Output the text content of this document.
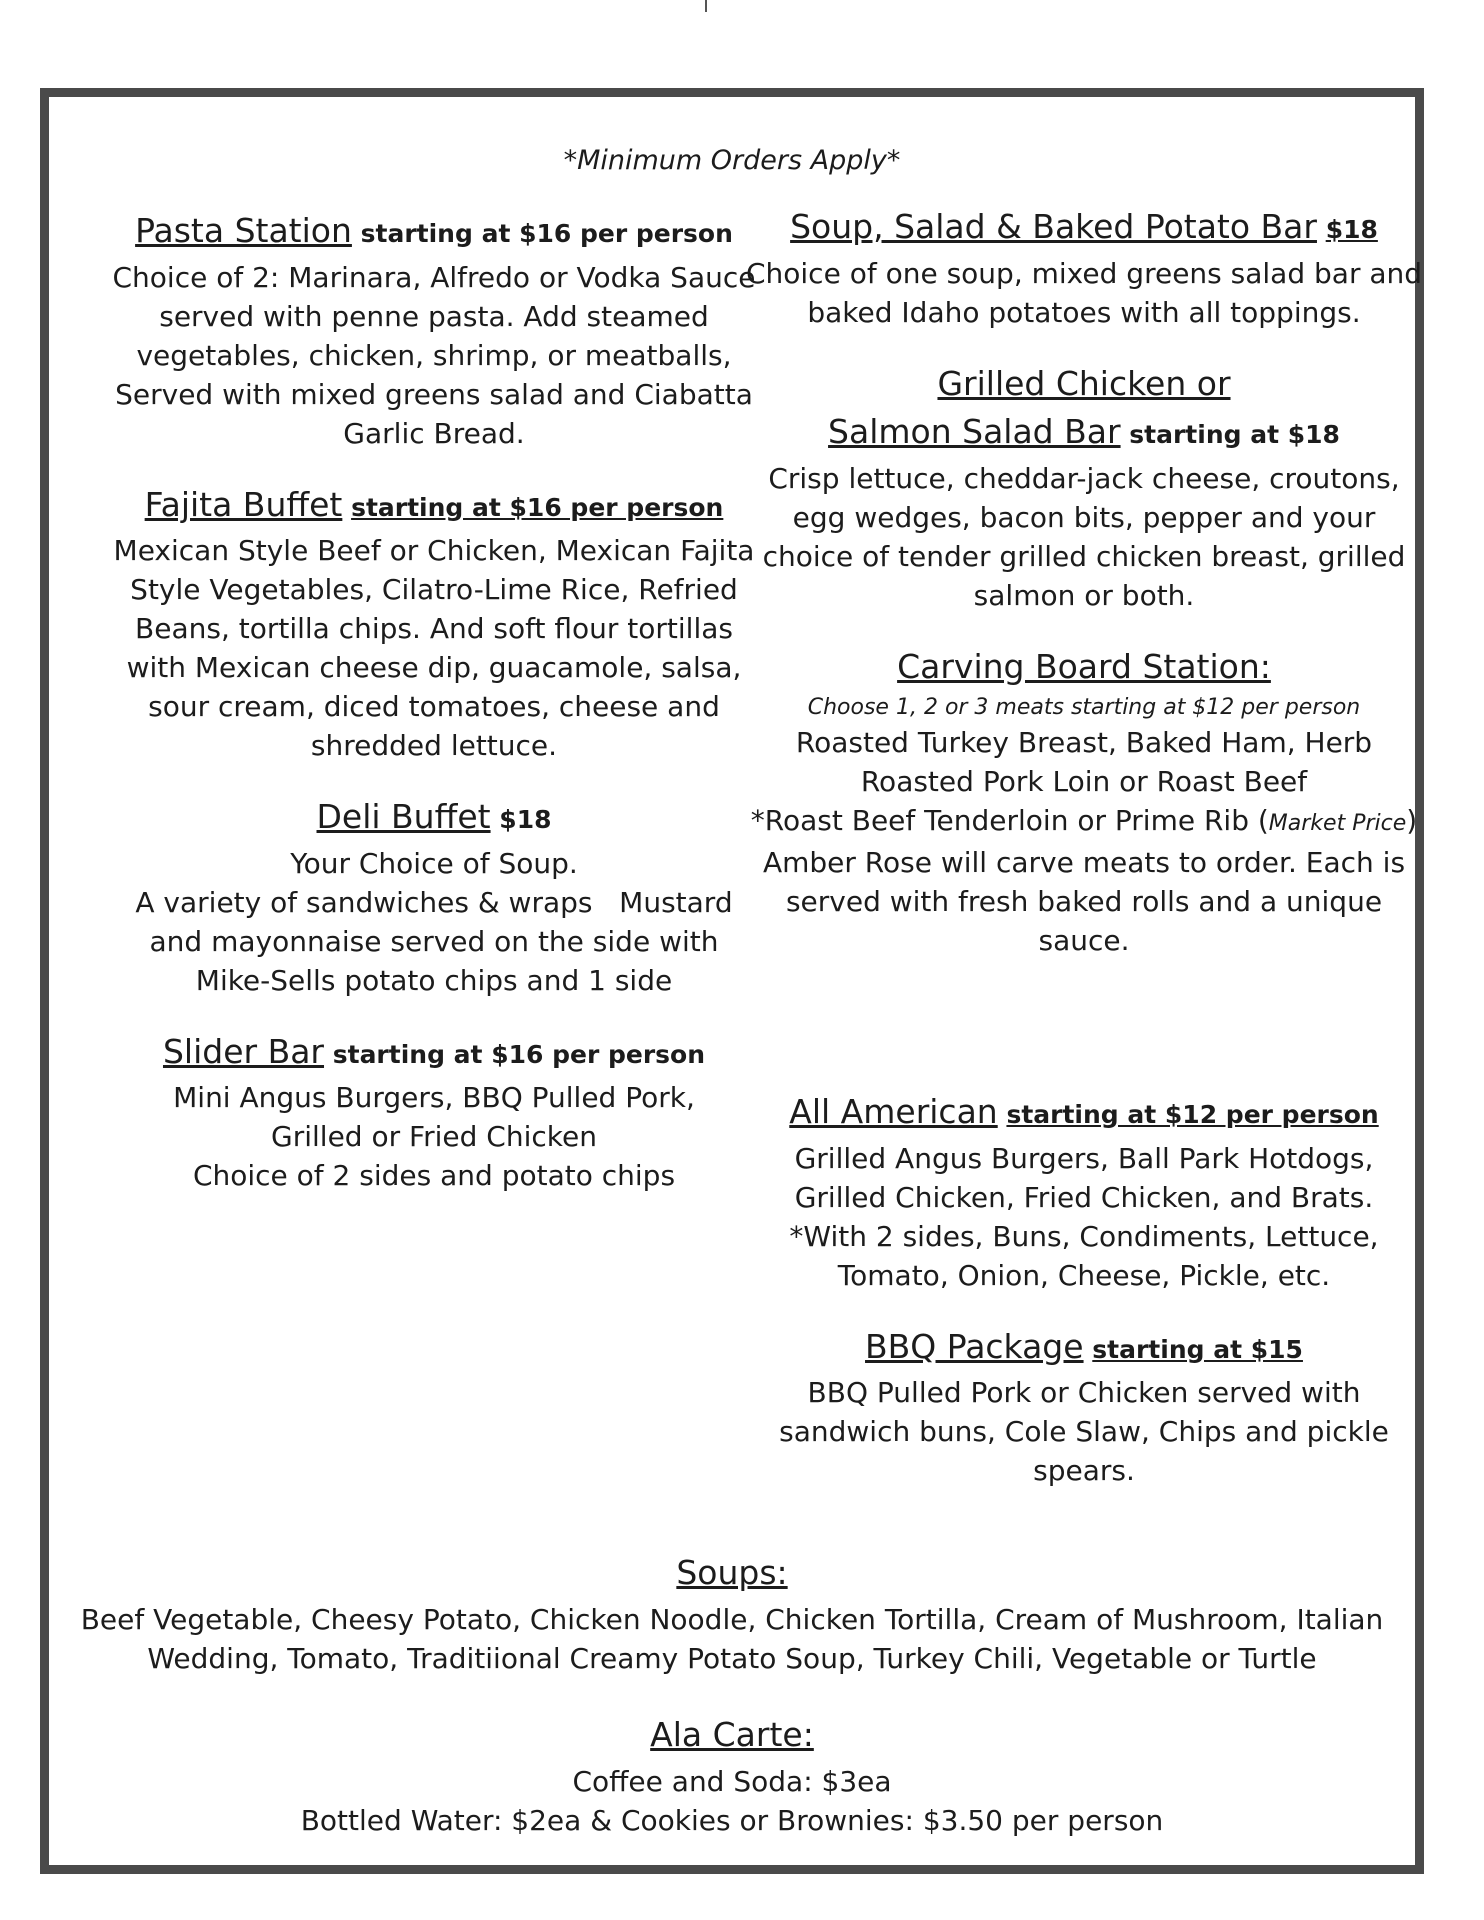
*Minimum Orders Apply*
Pasta Station starting at $16 per person

Choice of 2: Marinara, Alfredo or Vodka Sauce

served with penne pasta. Add steamed

vegetables, chicken, shrimp, or meatballs,

Served with mixed greens salad and Ciabatta

Garlic Bread.

Fajita Buffet starting at $16 per person

Mexican Style Beef or Chicken, Mexican Fajita

Style Vegetables, Cilatro-Lime Rice, Refried

Beans, tortilla chips. And soft flour tortillas

with Mexican cheese dip, guacamole, salsa,

sour cream, diced tomatoes, cheese and

shredded lettuce.

Deli Buffet $18

Your Choice of Soup.

A variety of sandwiches & wraps   Mustard

and mayonnaise served on the side with

Mike-Sells potato chips and 1 side

Slider Bar starting at $16 per person

Mini Angus Burgers, BBQ Pulled Pork,

Grilled or Fried Chicken

Choice of 2 sides and potato chips

Soup, Salad & Baked Potato Bar $18

Choice of one soup, mixed greens salad bar and

baked Idaho potatoes with all toppings.

Grilled Chicken or
Salmon Salad Bar starting at $18

Crisp lettuce, cheddar-jack cheese, croutons,

egg wedges, bacon bits, pepper and your

choice of tender grilled chicken breast, grilled

salmon or both.

Carving Board Station:

Choose 1, 2 or 3 meats starting at $12 per person

Roasted Turkey Breast, Baked Ham, Herb

Roasted Pork Loin or Roast Beef

*Roast Beef Tenderloin or Prime Rib (Market Price)

Amber Rose will carve meats to order. Each is

served with fresh baked rolls and a unique

sauce.

All American starting at $12 per person

Grilled Angus Burgers, Ball Park Hotdogs,

Grilled Chicken, Fried Chicken, and Brats.

*With 2 sides, Buns, Condiments, Lettuce,

Tomato, Onion, Cheese, Pickle, etc.

BBQ Package starting at $15

BBQ Pulled Pork or Chicken served with

sandwich buns, Cole Slaw, Chips and pickle

spears.

Soups:

Beef Vegetable, Cheesy Potato, Chicken Noodle, Chicken Tortilla, Cream of Mushroom, Italian

Wedding, Tomato, Traditiional Creamy Potato Soup, Turkey Chili, Vegetable or Turtle

Ala Carte:

Coffee and Soda: $3ea

Bottled Water: $2ea & Cookies or Brownies: $3.50 per person
